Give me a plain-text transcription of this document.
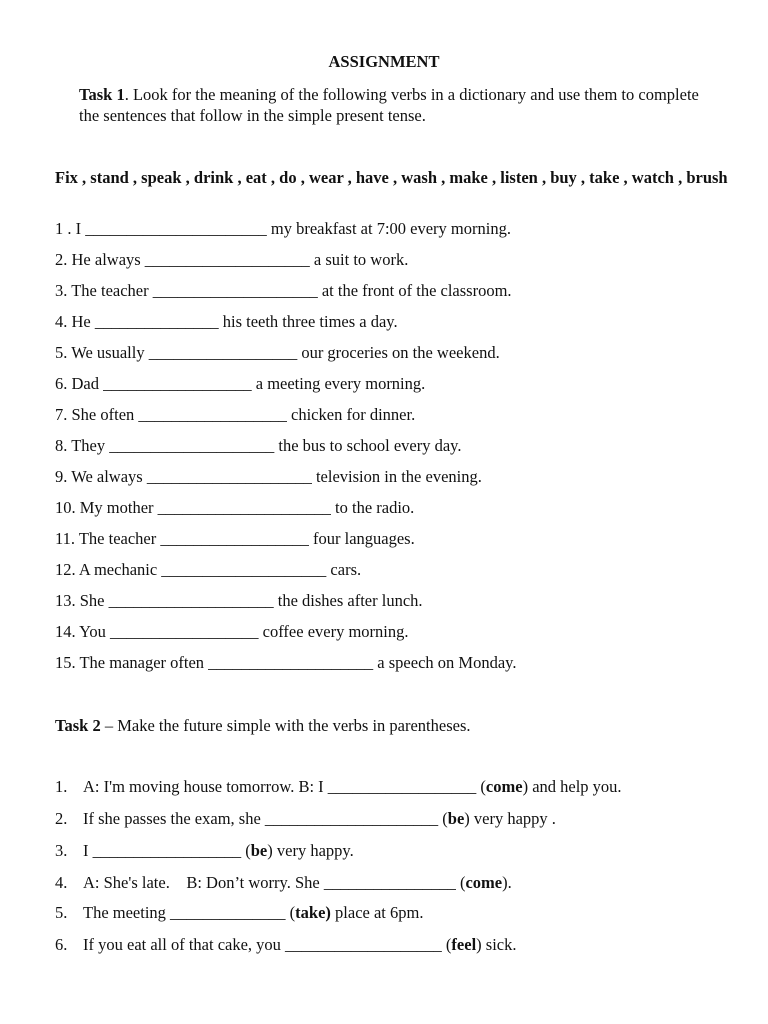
ASSIGNMENT
Task 1. Look for the meaning of the following verbs in a dictionary and use them to complete the sentences that follow in the simple present tense.
Fix , stand , speak , drink , eat , do , wear , have , wash , make , listen , buy , take , watch , brush
1 . I ______________________ my breakfast at 7:00 every morning.
2. He always ____________________ a suit to work.
3. The teacher ____________________ at the front of the classroom.
4. He _______________ his teeth three times a day.
5. We usually __________________ our groceries on the weekend.
6. Dad __________________ a meeting every morning.
7. She often __________________ chicken for dinner.
8. They ____________________ the bus to school every day.
9. We always ____________________ television in the evening.
10. My mother _____________________ to the radio.
11. The teacher __________________ four languages.
12. A mechanic ____________________ cars.
13. She ____________________ the dishes after lunch.
14. You __________________ coffee every morning.
15. The manager often ____________________ a speech on Monday.
Task 2 – Make the future simple with the verbs in parentheses.
1. A: I'm moving house tomorrow. B: I __________________ (come) and help you.
2. If she passes the exam, she _____________________ (be) very happy .
3. I __________________ (be) very happy.
4. A: She's late.    B: Don’t worry. She ________________ (come).
5. The meeting ______________ (take) place at 6pm.
6. If you eat all of that cake, you ___________________ (feel) sick.
